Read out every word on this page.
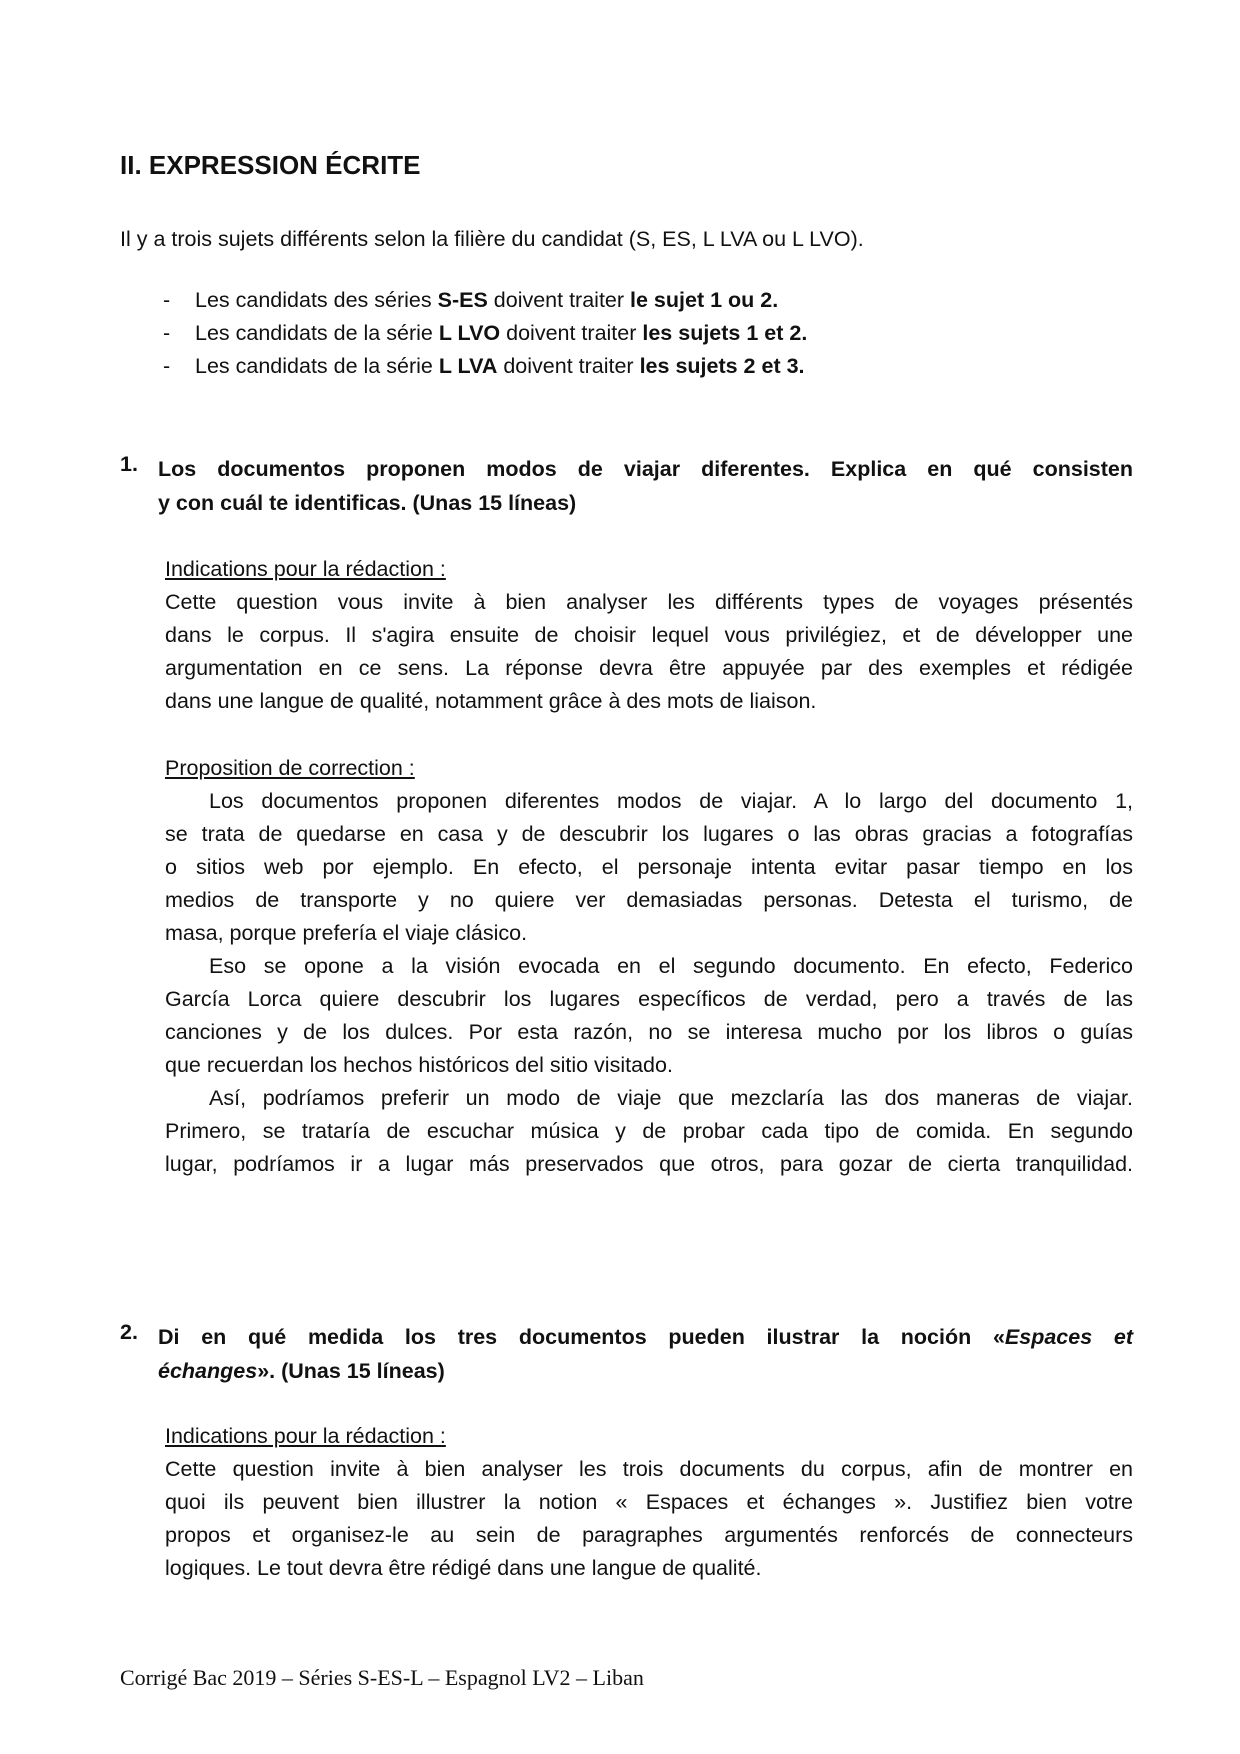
II. EXPRESSION ÉCRITE
Il y a trois sujets différents selon la filière du candidat (S, ES, L LVA ou L LVO).
- Les candidats des séries S-ES doivent traiter le sujet 1 ou 2.
- Les candidats de la série L LVO doivent traiter les sujets 1 et 2.
- Les candidats de la série L LVA doivent traiter les sujets 2 et 3.
1. Los documentos proponen modos de viajar diferentes. Explica en qué consisten
y con cuál te identificas. (Unas 15 líneas)
Indications pour la rédaction :
Cette question vous invite à bien analyser les différents types de voyages présentés
dans le corpus. Il s'agira ensuite de choisir lequel vous privilégiez, et de développer une
argumentation en ce sens. La réponse devra être appuyée par des exemples et rédigée
dans une langue de qualité, notamment grâce à des mots de liaison.
Proposition de correction :
Los documentos proponen diferentes modos de viajar. A lo largo del documento 1,
se trata de quedarse en casa y de descubrir los lugares o las obras gracias a fotografías
o sitios web por ejemplo. En efecto, el personaje intenta evitar pasar tiempo en los
medios de transporte y no quiere ver demasiadas personas. Detesta el turismo, de
masa, porque prefería el viaje clásico.
Eso se opone a la visión evocada en el segundo documento. En efecto, Federico
García Lorca quiere descubrir los lugares específicos de verdad, pero a través de las
canciones y de los dulces. Por esta razón, no se interesa mucho por los libros o guías
que recuerdan los hechos históricos del sitio visitado.
Así, podríamos preferir un modo de viaje que mezclaría las dos maneras de viajar.
Primero, se trataría de escuchar música y de probar cada tipo de comida. En segundo
lugar, podríamos ir a lugar más preservados que otros, para gozar de cierta tranquilidad.
2. Di en qué medida los tres documentos pueden ilustrar la noción «Espaces et
échanges». (Unas 15 líneas)
Indications pour la rédaction :
Cette question invite à bien analyser les trois documents du corpus, afin de montrer en
quoi ils peuvent bien illustrer la notion « Espaces et échanges ». Justifiez bien votre
propos et organisez-le au sein de paragraphes argumentés renforcés de connecteurs
logiques. Le tout devra être rédigé dans une langue de qualité.
Corrigé Bac 2019 – Séries S-ES-L – Espagnol LV2 – Liban
